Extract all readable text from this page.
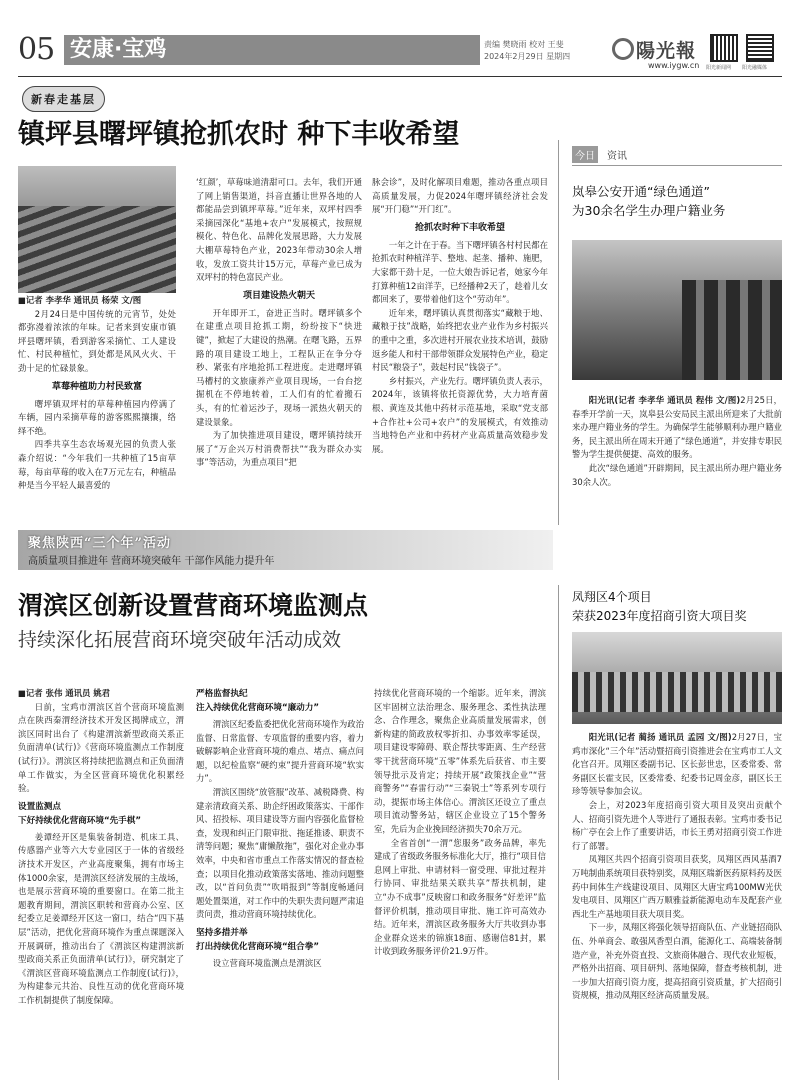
05 安康·宝鸡	责编 樊晓雨 校对 王斐
2024年2月29日 星期四	陽光報
www.iygw.cn 阳光新闻网 阳光融媒体
新春走基层
镇坪县曙坪镇抢抓农时 种下丰收希望
■记者 李孝华 通讯员 杨荣 文/图

2月24日是中国传统的元宵节，处处都弥漫着浓浓的年味。记者来到安康市镇坪县曙坪镇，看到游客采摘忙、工人建设忙、村民种植忙，到处都是风风火火、干劲十足的忙碌景象。

草莓种植助力村民致富

曙坪镇双坪村的草莓种植园内停满了车辆，园内采摘草莓的游客熙熙攘攘，络绎不绝。

四季共享生态农场观光园的负责人张森介绍说：“今年我们一共种植了15亩草莓，每亩草莓的收入在7万元左右，种植品种是当今平轻人最喜爱的

‘红颜’，草莓味道清甜可口。去年，我们开通了网上销售渠道，抖音直播让世界各地的人都能品尝到镇坪草莓。”近年来，双坪村四季采摘园深化“基地+农户”发展模式，按照规模化、特色化、品牌化发展思路，大力发展大棚草莓特色产业，2023年带动30余人增收，发放工资共计15万元，草莓产业已成为双坪村的特色富民产业。

项目建设热火朝天

开年即开工，奋进正当时。曙坪镇多个在建重点项目抢抓工期，纷纷按下“快进键”，掀起了大建设的热潮。在曙飞路，五界路的项目建设工地上，工程队正在争分夺秒、紧张有序地抢抓工程进度。走进曙坪镇马槽村的文旅康养产业项目现场，一台台挖掘机在不停地转着，工人们有的忙着搬石头，有的忙着运沙子，现场一派热火朝天的建设景象。

为了加快推进项目建设，曙坪镇持续开展了“万企兴万村消费帮扶”“我为群众办实事”等活动，为重点项目“把

脉会诊”，及时化解项目难题，推动各重点项目高质量发展，力促2024年曙坪镇经济社会发展“开门稳”“开门红”。

抢抓农时种下丰收希望

一年之计在于春。当下曙坪镇各村村民都在抢抓农时种植洋芋、整地、起垄、播种、施肥，大家都干劲十足，一位大娘告诉记者，她家今年打算种植12亩洋芋，已经播种2天了，趁着儿女都回来了，要带着他们这个“劳动年”。

近年来，曙坪镇认真贯彻落实“藏粮于地、藏粮于技”战略，始终把农业产业作为乡村振兴的重中之重，多次进村开展农业技术培训，鼓励返乡能人和村干部带领群众发展特色产业，稳定村民“粮袋子”，鼓起村民“钱袋子”。

乡村振兴，产业先行。曙坪镇负责人表示，2024年，该镇将依托资源优势，大力培育菌根、黄连及其他中药材示范基地，采取“党支部+合作社+公司+农户”的发展模式，有效推动当地特色产业和中药材产业高质量高效稳步发展。

今日	资讯
岚皋公安开通“绿色通道”
为30余名学生办理户籍业务

阳光讯(记者 李孝华 通讯员 程伟 文/图)2月25日，春季开学前一天，岚皋县公安局民主派出所迎来了大批前来办理户籍业务的学生。为确保学生能够顺利办理户籍业务，民主派出所在周末开通了“绿色通道”，并安排专职民警为学生提供便捷、高效的服务。

此次“绿色通道”开辟期间，民主派出所办理户籍业务30余人次。

聚焦陕西“三个年”活动
高质量项目推进年 营商环境突破年 干部作风能力提升年
渭滨区创新设置营商环境监测点
持续深化拓展营商环境突破年活动成效
■记者 张伟 通讯员 姚君

日前，宝鸡市渭滨区首个营商环境监测点在陕西秦渭经济技术开发区揭牌成立，渭滨区同时出台了《构建渭滨新型政商关系正负面清单(试行)》《营商环境监测点工作制度(试行)》。渭滨区将持续把监测点和正负面清单工作做实，为全区营商环境优化积累经验。

设置监测点
下好持续优化营商环境“先手棋”

姜谭经开区是集装备制造、机床工具、传感器产业等六大专业园区于一体的省级经济技术开发区，产业高度聚集，拥有市场主体1000余家，是渭滨区经济发展的主战场，也是展示营商环境的重要窗口。在第二批主题教育期间，渭滨区职转和营商办公室、区纪委立足姜谭经开区这一窗口，结合“四下基层”活动，把优化营商环境作为重点课题深入开展调研，推动出台了《渭滨区构建渭滨新型政商关系正负面清单(试行)》，研究制定了《渭滨区营商环境监测点工作制度(试行)》，为构建参元共治、良性互动的优化营商环境工作机制提供了制度保障。

严格监督执纪
注入持续优化营商环境“廉动力”

渭滨区纪委监委把优化营商环境作为政治监督、日常监督、专项监督的重要内容，着力破解影响企业营商环境的难点、堵点、痛点问题，以纪检监察“硬约束”提升营商环境“软实力”。

渭滨区围绕“放管服”改革、减税降费、构建亲清政商关系、助企纾困政策落实、干部作风、招投标、项目建设等方面内容强化监督检查，发现和纠正门限审批、拖延推诿、职责不清等问题；聚焦“庸懒散拖”，强化对企业办事效率，中央和省市重点工作落实情况的督查检查；以项目化推动政策落实落地、推动问题整改，以“首问负责”“吹哨报到”等制度畅通问题处置渠道，对工作中的失职失责问题严肃追责问责，推动营商环境持续优化。

坚持多措并举
打出持续优化营商环境“组合拳”

设立营商环境监测点是渭滨区

持续优化营商环境的一个缩影。近年来，渭滨区牢固树立法治理念、服务理念、柔性执法理念、合作理念，聚焦企业高质量发展需求，创新构建的简政放权零折扣、办事效率零延误，项目建设零障碍、联企帮扶零距离、生产经营零干扰营商环境“五零”体系先后获省、市主要领导批示及肯定；持续开展“政策找企业”“营商警务”“春雷行动”“三秦锐士”等系列专项行动，提振市场主体信心。渭滨区还设立了重点项目流动警务站，辖区企业设立了15个警务室，先后为企业挽回经济损失70余万元。

全省首创“一渭”您服务”政务品牌，率先建成了省级政务服务标准化大厅，推行“项目信息网上审批、申请材料一窗受理、审批过程并行协同、审批结果关联共享”帮扶机制，建立“办不成事”反映窗口和政务服务“好差评”监督评价机制，推动项目审批、施工许可高效办结。近年来，渭滨区政务服务大厅共收到办事企业群众送来的锦旗18面、感谢信81封，累计收到政务服务评价21.9万件。

凤翔区4个项目
荣获2023年度招商引资大项目奖

阳光讯(记者 蔺扬 通讯员 孟园 文/图)2月27日，宝鸡市深化“三个年”活动暨招商引资推进会在宝鸡市工人文化宫召开。凤翔区委副书记、区长彭世忠，区委常委、常务副区长霍支民，区委常委、纪委书记周金彦，副区长王珍等领导参加会议。

会上，对2023年度招商引资大项目及突出贡献个人、招商引资先进个人等进行了通报表彰。宝鸡市委书记杨广亭在会上作了重要讲话，市长王勇对招商引资工作进行了部署。

凤翔区共四个招商引资项目获奖，凤翔区西风基酒7万吨制曲系统项目获特别奖，凤翔区瑞新医药原料药及医药中间体生产线建设项目、凤翔区大唐宝鸡100MW光伏发电项目、凤翔区广西万顺雅益新能源电动车及配套产业西北生产基地项目获大项目奖。

下一步，凤翔区将强化领导招商队伍、产业链招商队伍、外单商会、敢强风香型白酒，能源化工、高端装备制造产业，补充外资直投、文旅商体融合、现代农业短板，严格外出招商、项目研判、落地保障，督查考核机制，进一步加大招商引资力度，提高招商引资质量，扩大招商引资规模，推动凤翔区经济高质量发展。
